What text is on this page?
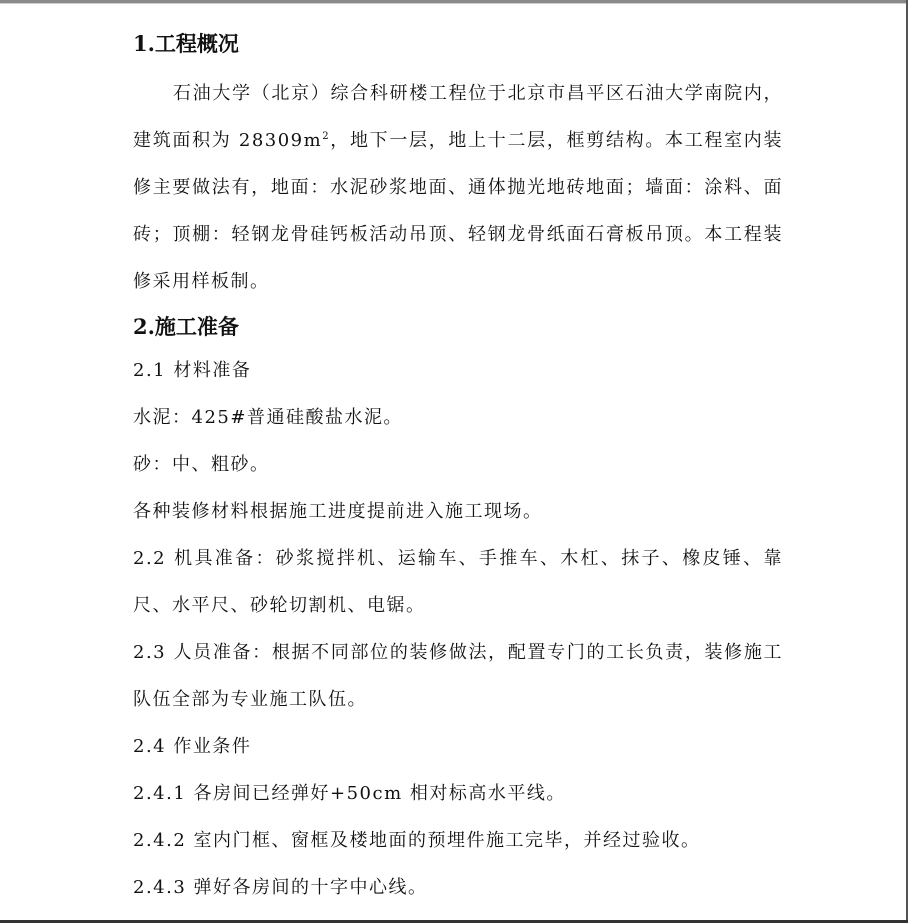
1.工程概况
石油大学（北京）综合科研楼工程位于北京市昌平区石油大学南院内，建筑面积为 $28309m^2$，地下一层，地上十二层，框剪结构。本工程室内装修主要做法有，地面：水泥砂浆地面、通体抛光地砖地面；墙面：涂料、面砖；顶棚：轻钢龙骨硅钙板活动吊顶、轻钢龙骨纸面石膏板吊顶。本工程装修采用样板制。
2.施工准备
2.1 材料准备
水泥：425#普通硅酸盐水泥。
砂：中、粗砂。
各种装修材料根据施工进度提前进入施工现场。
2.2 机具准备：砂浆搅拌机、运输车、手推车、木杠、抹子、橡皮锤、靠尺、水平尺、砂轮切割机、电锯。
2.3 人员准备：根据不同部位的装修做法，配置专门的工长负责，装修施工队伍全部为专业施工队伍。
2.4 作业条件
2.4.1 各房间已经弹好+50cm 相对标高水平线。
2.4.2 室内门框、窗框及楼地面的预埋件施工完毕，并经过验收。
2.4.3 弹好各房间的十字中心线。
